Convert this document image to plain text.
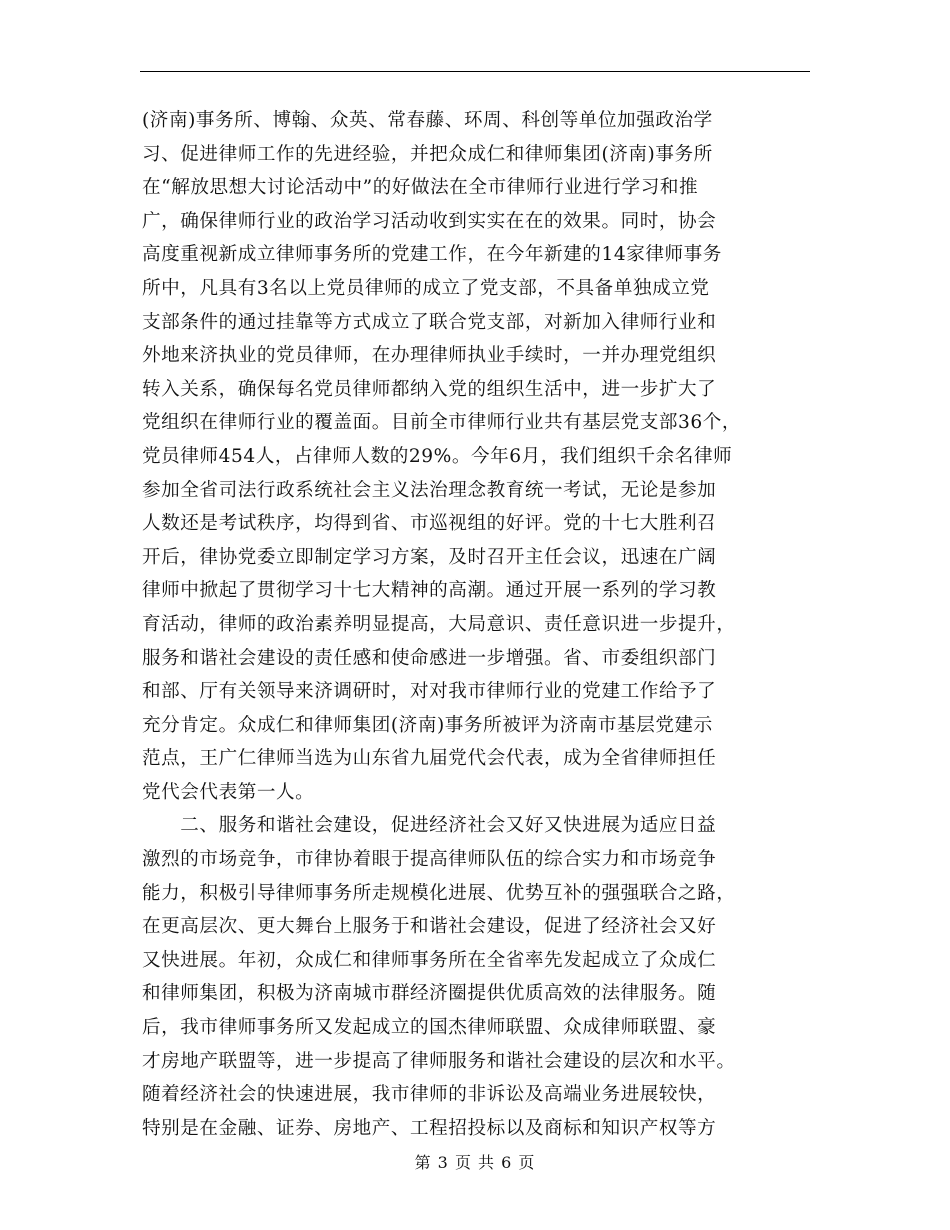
(济南)事务所、博翰、众英、常春藤、环周、科创等单位加强政治学
习、促进律师工作的先进经验，并把众成仁和律师集团(济南)事务所
在“解放思想大讨论活动中”的好做法在全市律师行业进行学习和推
广，确保律师行业的政治学习活动收到实实在在的效果。同时，协会
高度重视新成立律师事务所的党建工作，在今年新建的14家律师事务
所中，凡具有3名以上党员律师的成立了党支部，不具备单独成立党
支部条件的通过挂靠等方式成立了联合党支部，对新加入律师行业和
外地来济执业的党员律师，在办理律师执业手续时，一并办理党组织
转入关系，确保每名党员律师都纳入党的组织生活中，进一步扩大了
党组织在律师行业的覆盖面。目前全市律师行业共有基层党支部36个，
党员律师454人，占律师人数的29%。今年6月，我们组织千余名律师
参加全省司法行政系统社会主义法治理念教育统一考试，无论是参加
人数还是考试秩序，均得到省、市巡视组的好评。党的十七大胜利召
开后，律协党委立即制定学习方案，及时召开主任会议，迅速在广阔
律师中掀起了贯彻学习十七大精神的高潮。通过开展一系列的学习教
育活动，律师的政治素养明显提高，大局意识、责任意识进一步提升，
服务和谐社会建设的责任感和使命感进一步增强。省、市委组织部门
和部、厅有关领导来济调研时，对对我市律师行业的党建工作给予了
充分肯定。众成仁和律师集团(济南)事务所被评为济南市基层党建示
范点，王广仁律师当选为山东省九届党代会代表，成为全省律师担任
党代会代表第一人。
　　二、服务和谐社会建设，促进经济社会又好又快进展为适应日益
激烈的市场竞争，市律协着眼于提高律师队伍的综合实力和市场竞争
能力，积极引导律师事务所走规模化进展、优势互补的强强联合之路，
在更高层次、更大舞台上服务于和谐社会建设，促进了经济社会又好
又快进展。年初，众成仁和律师事务所在全省率先发起成立了众成仁
和律师集团，积极为济南城市群经济圈提供优质高效的法律服务。随
后，我市律师事务所又发起成立的国杰律师联盟、众成律师联盟、豪
才房地产联盟等，进一步提高了律师服务和谐社会建设的层次和水平。
随着经济社会的快速进展，我市律师的非诉讼及高端业务进展较快，
特别是在金融、证券、房地产、工程招投标以及商标和知识产权等方
第 3 页 共 6 页
